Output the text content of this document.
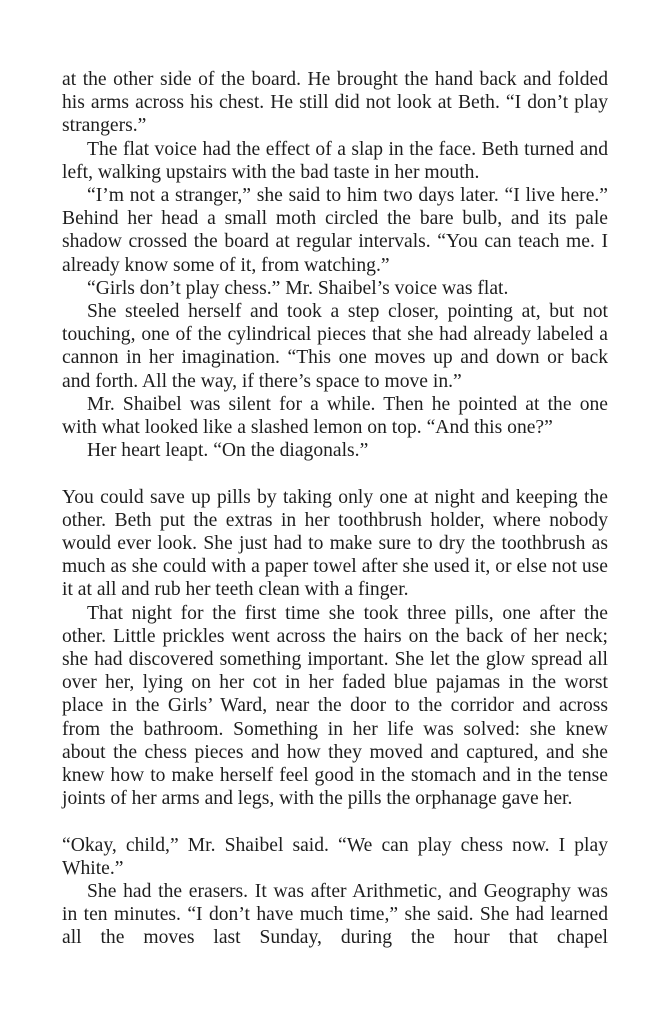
at the other side of the board. He brought the hand back and folded his arms across his chest. He still did not look at Beth. “I don’t play strangers.”

The flat voice had the effect of a slap in the face. Beth turned and left, walking upstairs with the bad taste in her mouth.

“I’m not a stranger,” she said to him two days later. “I live here.” Behind her head a small moth circled the bare bulb, and its pale shadow crossed the board at regular intervals. “You can teach me. I already know some of it, from watching.”

“Girls don’t play chess.” Mr. Shaibel’s voice was flat.

She steeled herself and took a step closer, pointing at, but not touching, one of the cylindrical pieces that she had already labeled a cannon in her imagination. “This one moves up and down or back and forth. All the way, if there’s space to move in.”

Mr. Shaibel was silent for a while. Then he pointed at the one with what looked like a slashed lemon on top. “And this one?”

Her heart leapt. “On the diagonals.”

You could save up pills by taking only one at night and keeping the other. Beth put the extras in her toothbrush holder, where nobody would ever look. She just had to make sure to dry the toothbrush as much as she could with a paper towel after she used it, or else not use it at all and rub her teeth clean with a finger.

That night for the first time she took three pills, one after the other. Little prickles went across the hairs on the back of her neck; she had discovered something important. She let the glow spread all over her, lying on her cot in her faded blue pajamas in the worst place in the Girls’ Ward, near the door to the corridor and across from the bathroom. Something in her life was solved: she knew about the chess pieces and how they moved and captured, and she knew how to make herself feel good in the stomach and in the tense joints of her arms and legs, with the pills the orphanage gave her.

“Okay, child,” Mr. Shaibel said. “We can play chess now. I play White.”

She had the erasers. It was after Arithmetic, and Geography was in ten minutes. “I don’t have much time,” she said. She had learned all the moves last Sunday, during the hour that chapel
